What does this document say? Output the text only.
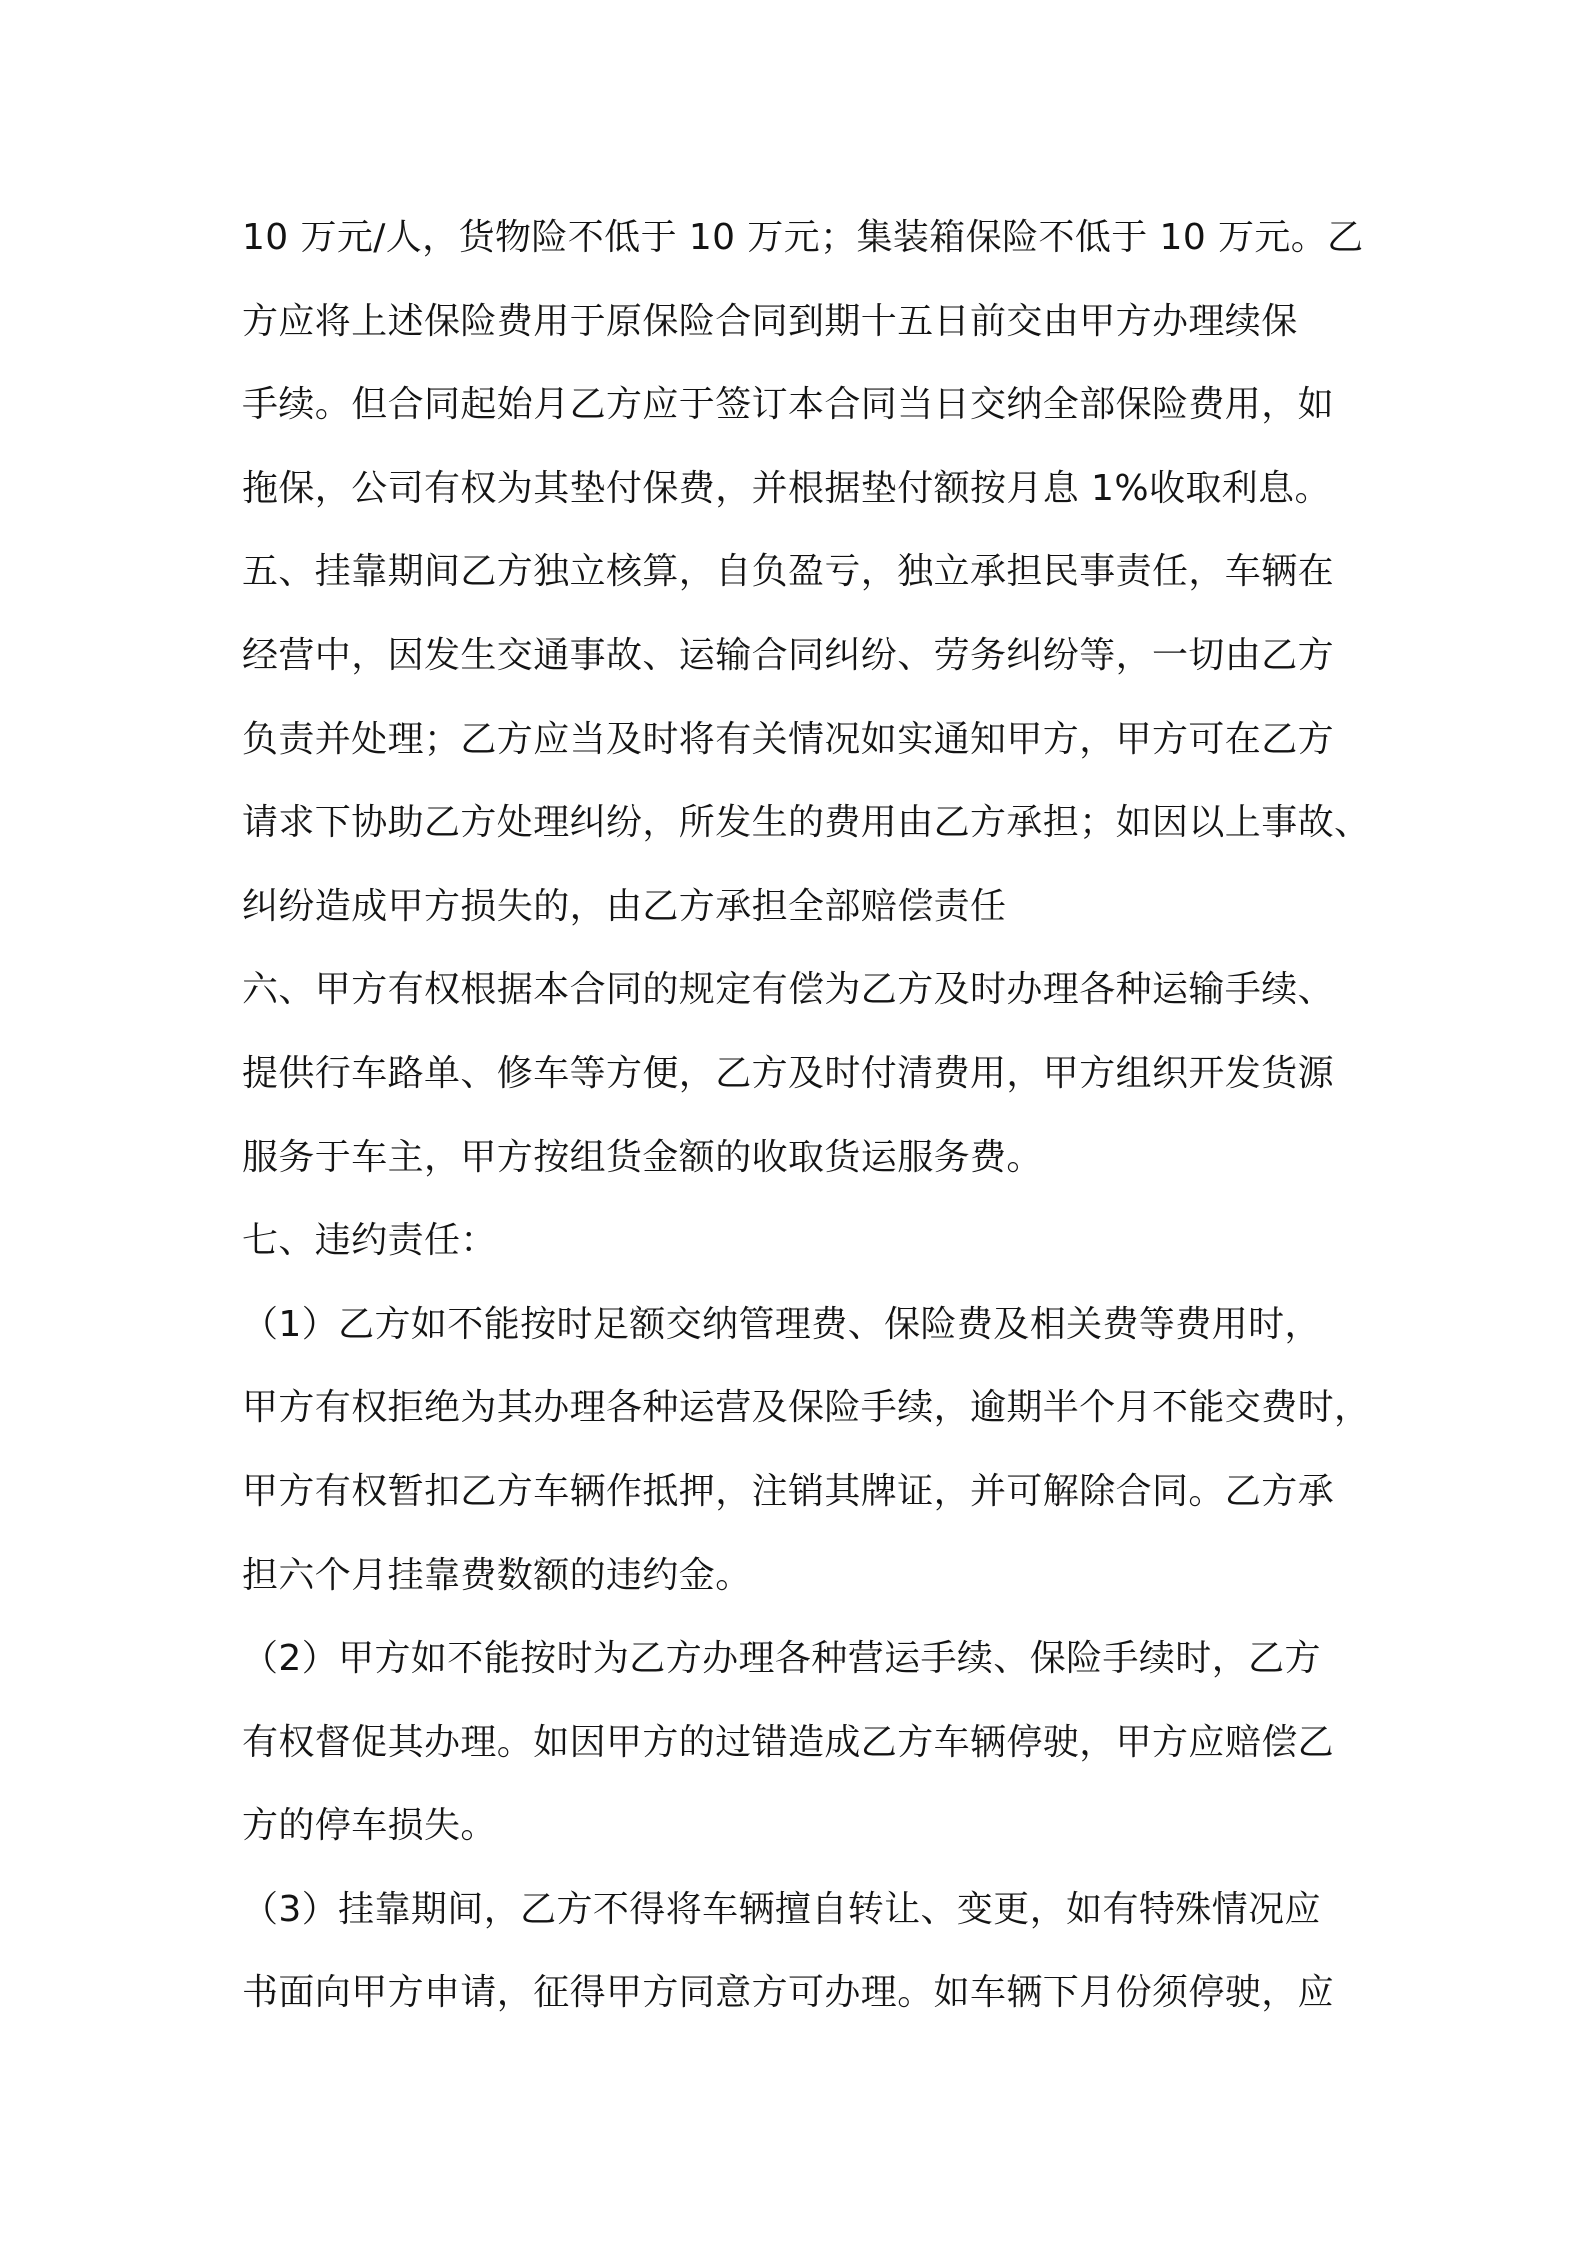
10 万元/人，货物险不低于 10 万元；集装箱保险不低于 10 万元。乙
方应将上述保险费用于原保险合同到期十五日前交由甲方办理续保
手续。但合同起始月乙方应于签订本合同当日交纳全部保险费用，如
拖保，公司有权为其垫付保费，并根据垫付额按月息 1%收取利息。
五、挂靠期间乙方独立核算，自负盈亏，独立承担民事责任，车辆在
经营中，因发生交通事故、运输合同纠纷、劳务纠纷等，一切由乙方
负责并处理；乙方应当及时将有关情况如实通知甲方，甲方可在乙方
请求下协助乙方处理纠纷，所发生的费用由乙方承担；如因以上事故、
纠纷造成甲方损失的，由乙方承担全部赔偿责任
六、甲方有权根据本合同的规定有偿为乙方及时办理各种运输手续、
提供行车路单、修车等方便，乙方及时付清费用，甲方组织开发货源
服务于车主，甲方按组货金额的收取货运服务费。
七、违约责任：
（1）乙方如不能按时足额交纳管理费、保险费及相关费等费用时，
甲方有权拒绝为其办理各种运营及保险手续，逾期半个月不能交费时，
甲方有权暂扣乙方车辆作抵押，注销其牌证，并可解除合同。乙方承
担六个月挂靠费数额的违约金。
（2）甲方如不能按时为乙方办理各种营运手续、保险手续时，乙方
有权督促其办理。如因甲方的过错造成乙方车辆停驶，甲方应赔偿乙
方的停车损失。
（3）挂靠期间，乙方不得将车辆擅自转让、变更，如有特殊情况应
书面向甲方申请，征得甲方同意方可办理。如车辆下月份须停驶，应
